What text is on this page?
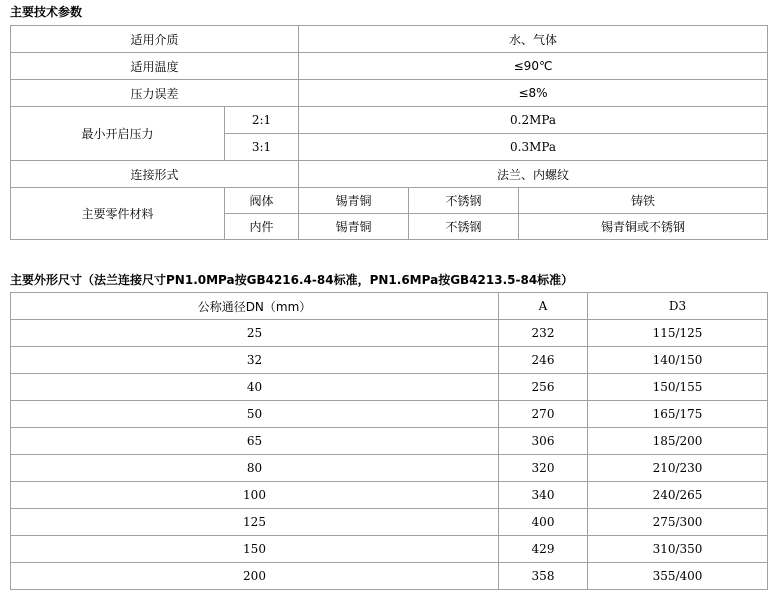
主要技术参数
适用介质		水、气体		
适用温度		≤90℃		
压力误差		≤8%		
最小开启压力	2:1	0.2MPa		
	3:1	0.3MPa		
连接形式		法兰、内螺纹		
主要零件材料	阀体	锡青铜	不锈钢	铸铁
	内件	锡青铜	不锈钢	锡青铜或不锈钢
主要外形尺寸（法兰连接尺寸PN1.0MPa按GB4216.4-84标准，PN1.6MPa按GB4213.5-84标准）
公称通径DN（mm）	A	D3
25	232	115/125
32	246	140/150
40	256	150/155
50	270	165/175
65	306	185/200
80	320	210/230
100	340	240/265
125	400	275/300
150	429	310/350
200	358	355/400
